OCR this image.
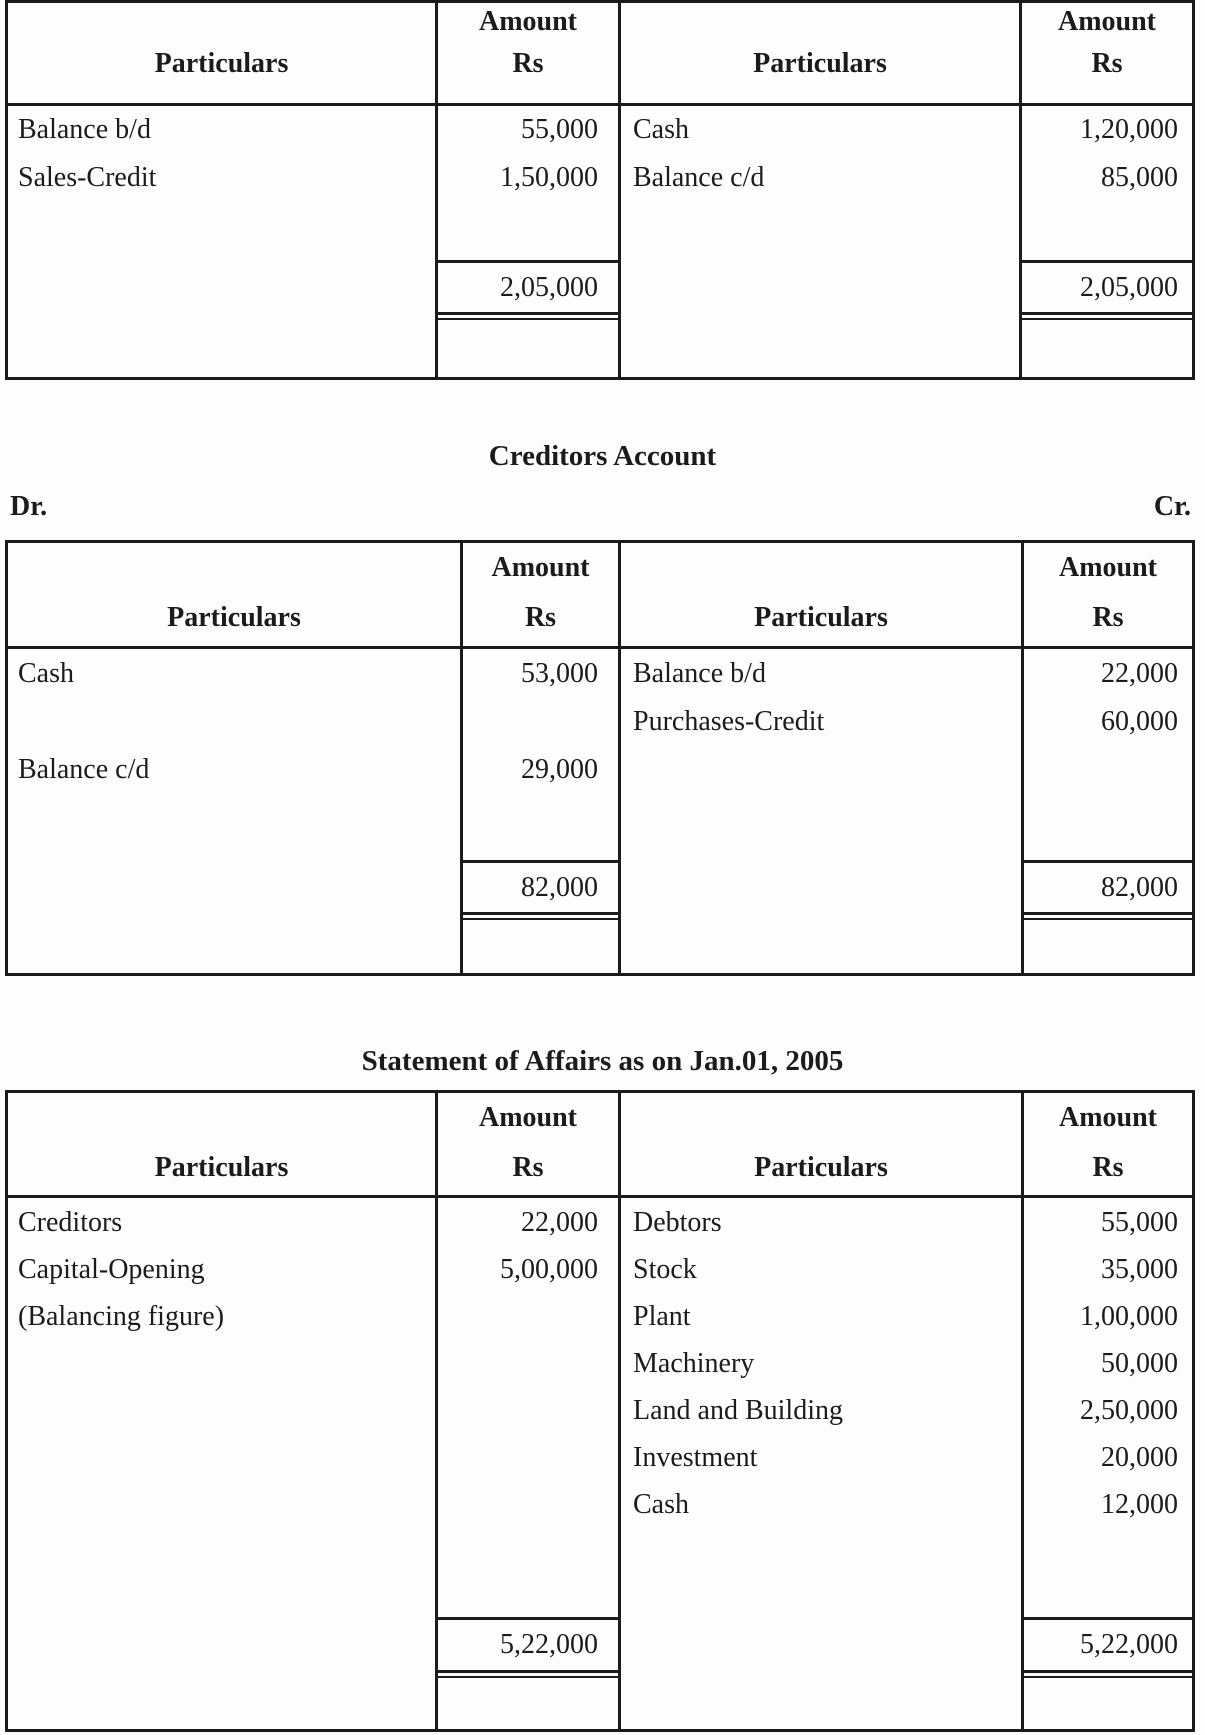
Particulars
Balance b/d
Sales-Credit
Amount
Rs
55,000
1,50,000
2,05,000
Particulars
Cash
Balance c/d
Amount
Rs
1,20,000
85,000
2,05,000
Creditors Account
Dr.	Cr.
Particulars
Cash
Balance c/d
Amount
Rs
53,000
29,000
82,000
Particulars
Balance b/d
Purchases-Credit
Amount
Rs
22,000
60,000
82,000
Statement of Affairs as on Jan.01, 2005
Particulars
Creditors
Capital-Opening
(Balancing figure)
Amount
Rs
22,000
5,00,000
5,22,000
Particulars
Debtors
Stock
Plant
Machinery
Land and Building
Investment
Cash
Amount
Rs
55,000
35,000
1,00,000
50,000
2,50,000
20,000
12,000
5,22,000
